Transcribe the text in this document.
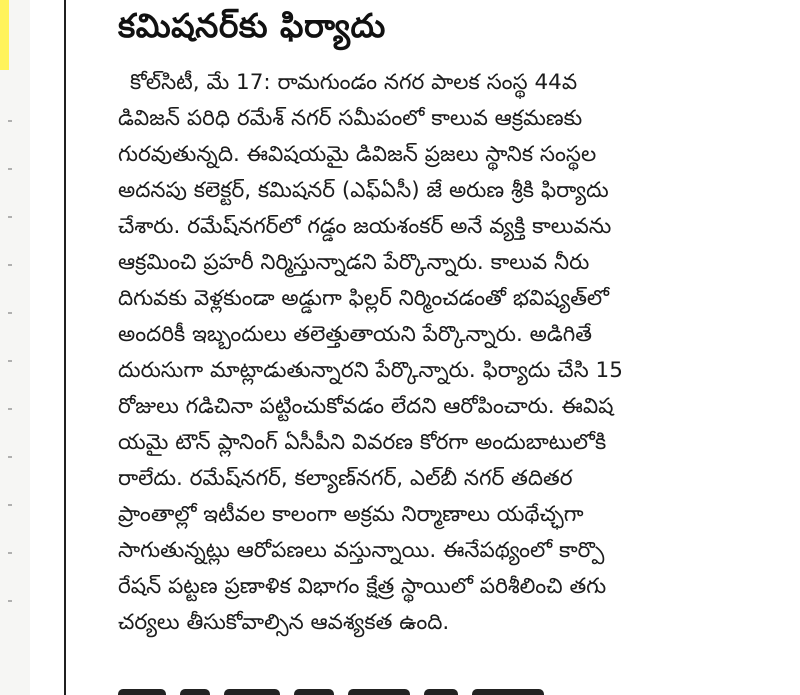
కమిషనర్‌కు ఫిర్యాదు
కోల్‌సిటీ, మే 17: రామగుండం నగర పాలక సంస్థ 44వ
డివిజన్ పరిధి రమేశ్ నగర్ సమీపంలో కాలువ ఆక్రమణకు
గురవుతున్నది. ఈవిషయమై డివిజన్ ప్రజలు స్థానిక సంస్థల
అదనపు కలెక్టర్, కమిషనర్ (ఎఫ్ఏసీ) జే అరుణ శ్రీకి ఫిర్యాదు
చేశారు. రమేష్‌నగర్‌లో గడ్డం జయశంకర్ అనే వ్యక్తి కాలువను
ఆక్రమించి ప్రహరీ నిర్మిస్తున్నాడని పేర్కొన్నారు. కాలువ నీరు
దిగువకు వెళ్లకుండా అడ్డుగా ఫిల్లర్ నిర్మించడంతో భవిష్యత్‌లో
అందరికీ ఇబ్బందులు తలెత్తుతాయని పేర్కొన్నారు. అడిగితే
దురుసుగా మాట్లాడుతున్నారని పేర్కొన్నారు. ఫిర్యాదు చేసి 15
రోజులు గడిచినా పట్టించుకోవడం లేదని ఆరోపించారు. ఈవిష
యమై టౌన్ ప్లానింగ్ ఏసీపీని వివరణ కోరగా అందుబాటులోకి
రాలేదు. రమేష్‌నగర్, కల్యాణ్‌నగర్, ఎల్‌బీ నగర్ తదితర
ప్రాంతాల్లో ఇటీవల కాలంగా అక్రమ నిర్మాణాలు యథేచ్ఛగా
సాగుతున్నట్లు ఆరోపణలు వస్తున్నాయి. ఈనేపథ్యంలో కార్పొ
రేషన్ పట్టణ ప్రణాళిక విభాగం క్షేత్ర స్థాయిలో పరిశీలించి తగు
చర్యలు తీసుకోవాల్సిన ఆవశ్యకత ఉంది.
